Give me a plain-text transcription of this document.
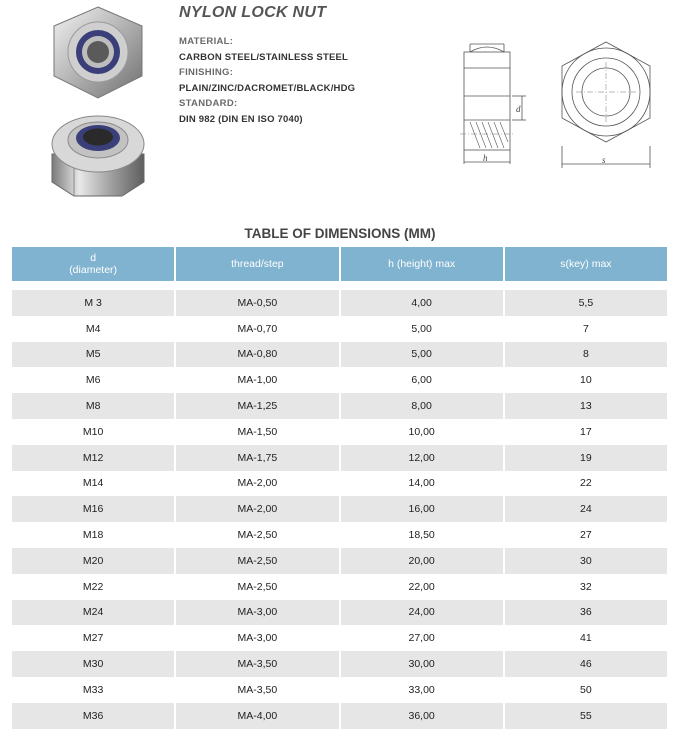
NYLON LOCK NUT
MATERIAL:
CARBON STEEL/STAINLESS STEEL
FINISHING:
PLAIN/ZINC/DACROMET/BLACK/HDG
STANDARD:
DIN 982 (DIN EN ISO 7040)
d
h	s
TABLE OF DIMENSIONS (MM)
d
(diameter)	thread/step	h (height) max	s(key) max
M 3	MA-0,50	4,00	5,5
M4	MA-0,70	5,00	7
M5	MA-0,80	5,00	8
M6	MA-1,00	6,00	10
M8	MA-1,25	8,00	13
M10	MA-1,50	10,00	17
M12	MA-1,75	12,00	19
M14	MA-2,00	14,00	22
M16	MA-2,00	16,00	24
M18	MA-2,50	18,50	27
M20	MA-2,50	20,00	30
M22	MA-2,50	22,00	32
M24	MA-3,00	24,00	36
M27	MA-3,00	27,00	41
M30	MA-3,50	30,00	46
M33	MA-3,50	33,00	50
M36	MA-4,00	36,00	55
